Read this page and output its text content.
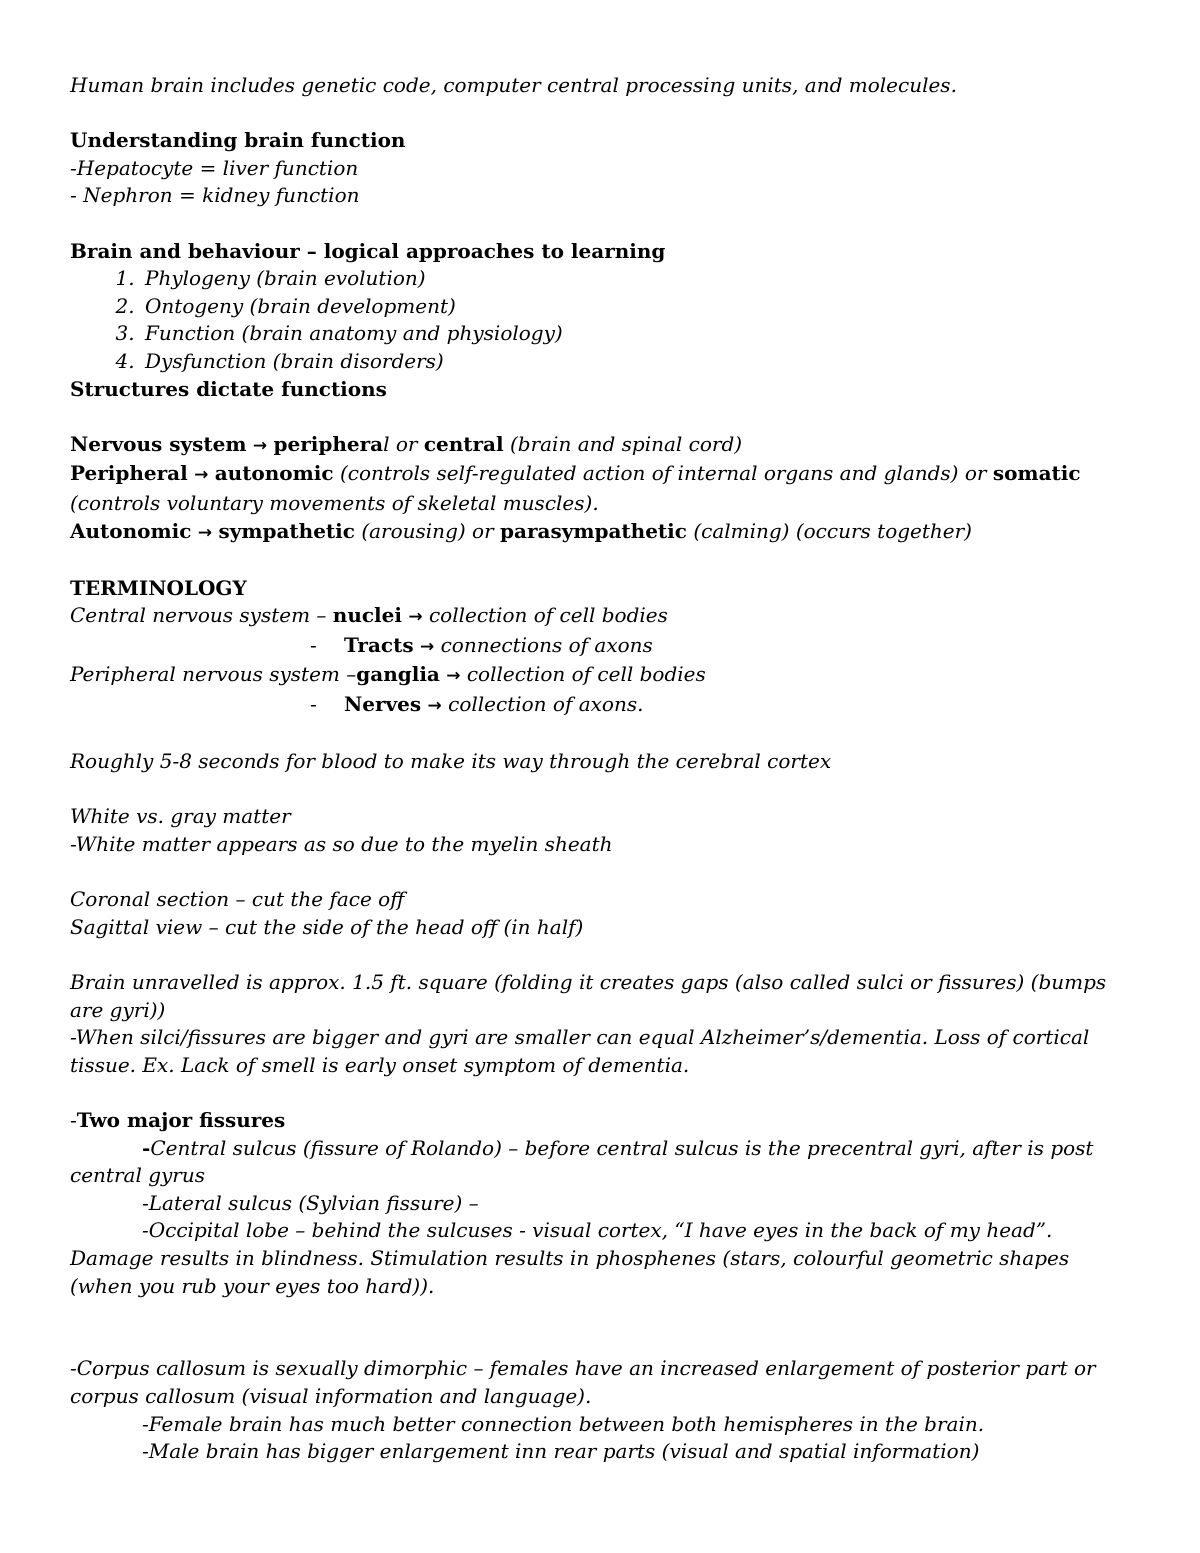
Human brain includes genetic code, computer central processing units, and molecules.

Understanding brain function

-Hepatocyte = liver function

- Nephron = kidney function

Brain and behaviour – logical approaches to learning

1. Phylogeny (brain evolution)
2. Ontogeny (brain development)
3. Function (brain anatomy and physiology)
4. Dysfunction (brain disorders)

Structures dictate functions

Nervous system → peripheral or central (brain and spinal cord)

Peripheral → autonomic (controls self-regulated action of internal organs and glands) or somatic (controls voluntary movements of skeletal muscles).

Autonomic → sympathetic (arousing) or parasympathetic (calming) (occurs together)

TERMINOLOGY

Central nervous system – nuclei → collection of cell bodies

- Tracts → connections of axons

Peripheral nervous system –ganglia → collection of cell bodies

- Nerves → collection of axons.

Roughly 5-8 seconds for blood to make its way through the cerebral cortex

White vs. gray matter

-White matter appears as so due to the myelin sheath

Coronal section – cut the face off

Sagittal view – cut the side of the head off (in half)

Brain unravelled is approx. 1.5 ft. square (folding it creates gaps (also called sulci or fissures) (bumps are gyri))

-When silci/fissures are bigger and gyri are smaller can equal Alzheimer’s/dementia. Loss of cortical tissue. Ex. Lack of smell is early onset symptom of dementia.

-Two major fissures

-Central sulcus (fissure of Rolando) – before central sulcus is the precentral gyri, after is post central gyrus

-Lateral sulcus (Sylvian fissure) –

-Occipital lobe – behind the sulcuses - visual cortex, “I have eyes in the back of my head”. Damage results in blindness. Stimulation results in phosphenes (stars, colourful geometric shapes (when you rub your eyes too hard)).

-Corpus callosum is sexually dimorphic – females have an increased enlargement of posterior part or corpus callosum (visual information and language).

-Female brain has much better connection between both hemispheres in the brain.

-Male brain has bigger enlargement inn rear parts (visual and spatial information)
